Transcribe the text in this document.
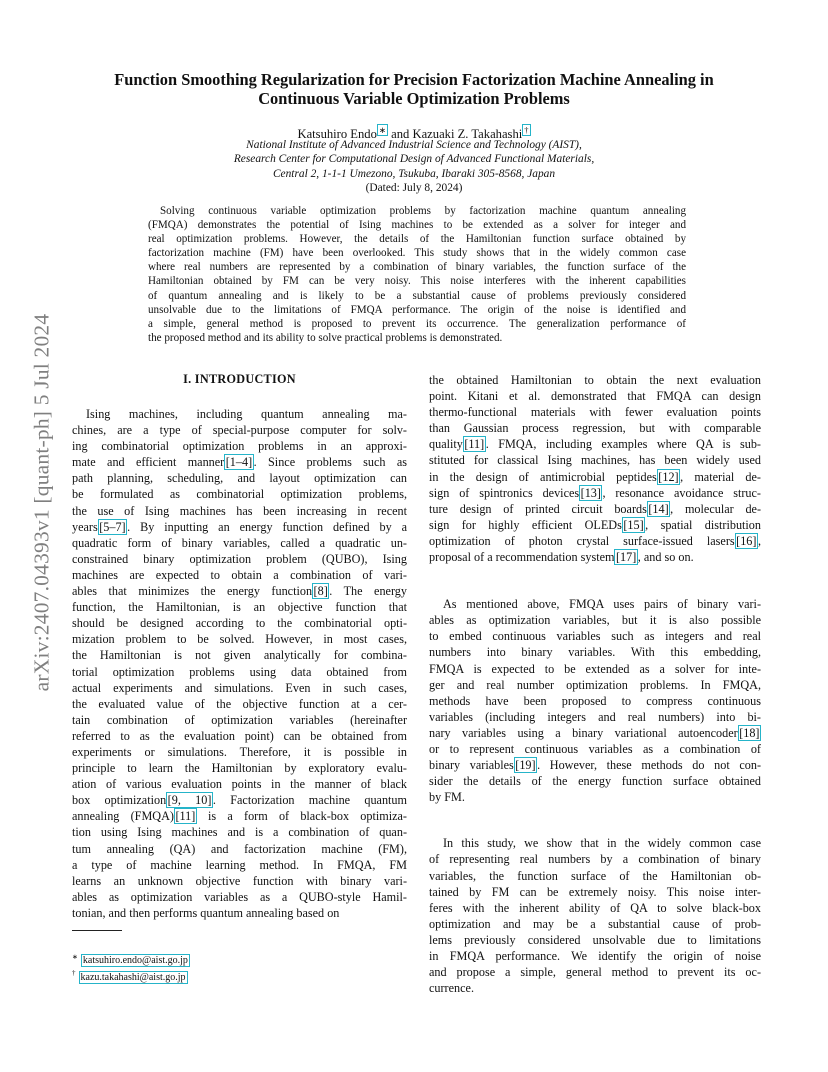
arXiv:2407.04393v1 [quant-ph] 5 Jul 2024
Function Smoothing Regularization for Precision Factorization Machine Annealing in
Continuous Variable Optimization Problems
Katsuhiro Endo ∗ and Kazuaki Z. Takahashi †
National Institute of Advanced Industrial Science and Technology (AIST),
Research Center for Computational Design of Advanced Functional Materials,
Central 2, 1-1-1 Umezono, Tsukuba, Ibaraki 305-8568, Japan
(Dated: July 8, 2024)
Solving continuous variable optimization problems by factorization machine quantum annealing
(FMQA) demonstrates the potential of Ising machines to be extended as a solver for integer and
real optimization problems. However, the details of the Hamiltonian function surface obtained by
factorization machine (FM) have been overlooked. This study shows that in the widely common case
where real numbers are represented by a combination of binary variables, the function surface of the
Hamiltonian obtained by FM can be very noisy. This noise interferes with the inherent capabilities
of quantum annealing and is likely to be a substantial cause of problems previously considered
unsolvable due to the limitations of FMQA performance. The origin of the noise is identified and
a simple, general method is proposed to prevent its occurrence. The generalization performance of
the proposed method and its ability to solve practical problems is demonstrated.
I. INTRODUCTION
Ising machines, including quantum annealing ma-
chines, are a type of special-purpose computer for solv-
ing combinatorial optimization problems in an approxi-
mate and efficient manner [1–4] . Since problems such as
path planning, scheduling, and layout optimization can
be formulated as combinatorial optimization problems,
the use of Ising machines has been increasing in recent
years [5–7] . By inputting an energy function defined by a
quadratic form of binary variables, called a quadratic un-
constrained binary optimization problem (QUBO), Ising
machines are expected to obtain a combination of vari-
ables that minimizes the energy function [8] . The energy
function, the Hamiltonian, is an objective function that
should be designed according to the combinatorial opti-
mization problem to be solved. However, in most cases,
the Hamiltonian is not given analytically for combina-
torial optimization problems using data obtained from
actual experiments and simulations. Even in such cases,
the evaluated value of the objective function at a cer-
tain combination of optimization variables (hereinafter
referred to as the evaluation point) can be obtained from
experiments or simulations. Therefore, it is possible in
principle to learn the Hamiltonian by exploratory evalu-
ation of various evaluation points in the manner of black
box optimization [9, 10] . Factorization machine quantum
annealing (FMQA) [11] is a form of black-box optimiza-
tion using Ising machines and is a combination of quan-
tum annealing (QA) and factorization machine (FM),
a type of machine learning method. In FMQA, FM
learns an unknown objective function with binary vari-
ables as optimization variables as a QUBO-style Hamil-
tonian, and then performs quantum annealing based on
the obtained Hamiltonian to obtain the next evaluation
point. Kitani et al. demonstrated that FMQA can design
thermo-functional materials with fewer evaluation points
than Gaussian process regression, but with comparable
quality [11] . FMQA, including examples where QA is sub-
stituted for classical Ising machines, has been widely used
in the design of antimicrobial peptides [12] , material de-
sign of spintronics devices [13] , resonance avoidance struc-
ture design of printed circuit boards [14] , molecular de-
sign for highly efficient OLEDs [15] , spatial distribution
optimization of photon crystal surface-issued lasers [16] ,
proposal of a recommendation system [17] , and so on.
As mentioned above, FMQA uses pairs of binary vari-
ables as optimization variables, but it is also possible
to embed continuous variables such as integers and real
numbers into binary variables. With this embedding,
FMQA is expected to be extended as a solver for inte-
ger and real number optimization problems. In FMQA,
methods have been proposed to compress continuous
variables (including integers and real numbers) into bi-
nary variables using a binary variational autoencoder [18]
or to represent continuous variables as a combination of
binary variables [19] . However, these methods do not con-
sider the details of the energy function surface obtained
by FM.
In this study, we show that in the widely common case
of representing real numbers by a combination of binary
variables, the function surface of the Hamiltonian ob-
tained by FM can be extremely noisy. This noise inter-
feres with the inherent ability of QA to solve black-box
optimization and may be a substantial cause of prob-
lems previously considered unsolvable due to limitations
in FMQA performance. We identify the origin of noise
and propose a simple, general method to prevent its oc-
currence.
∗ katsuhiro.endo@aist.go.jp
† kazu.takahashi@aist.go.jp
